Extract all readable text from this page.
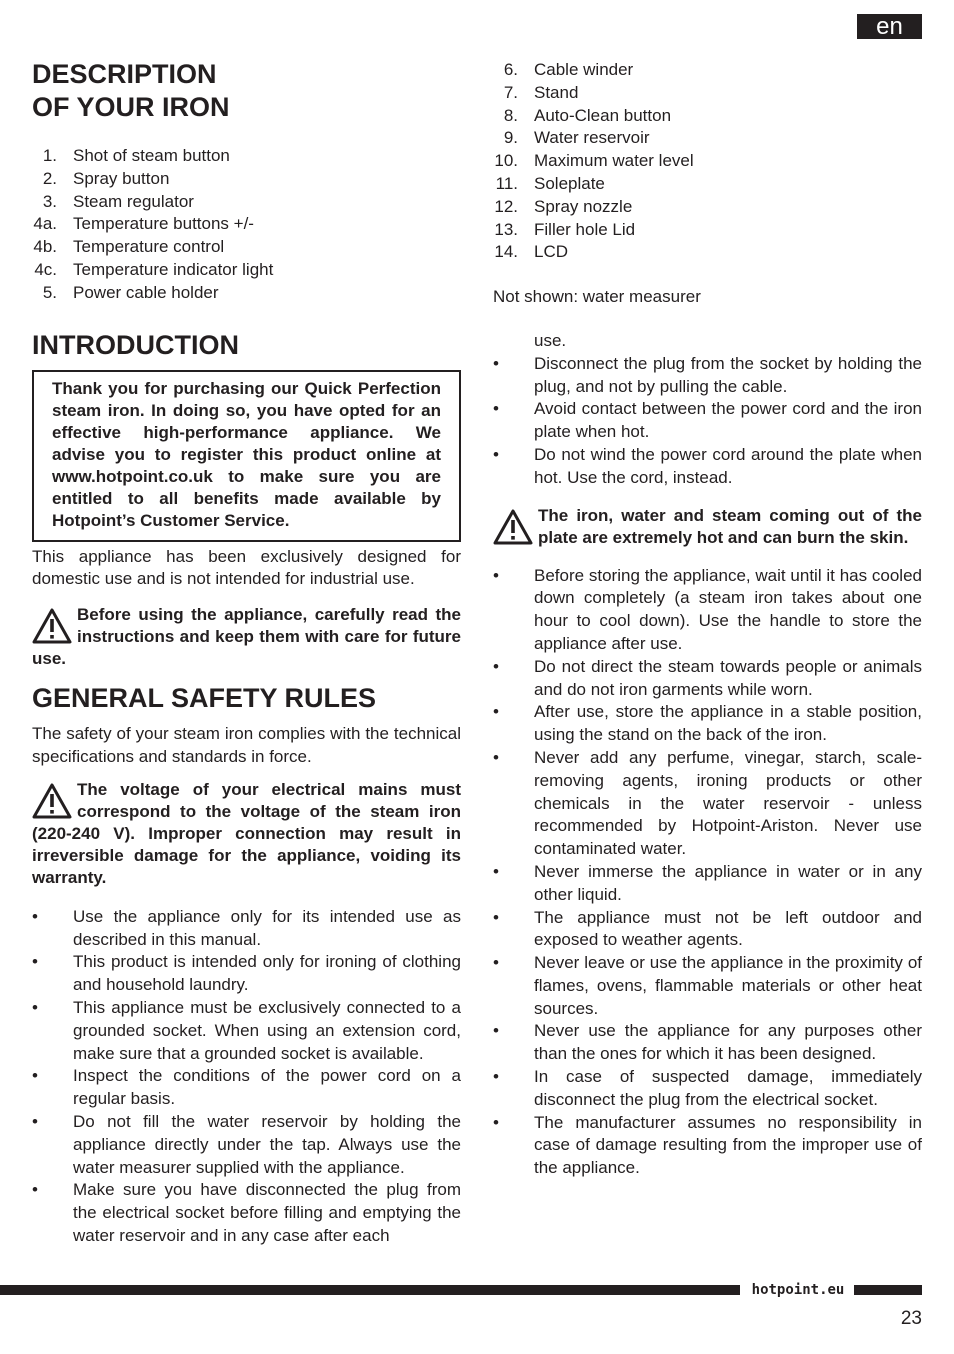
en
DESCRIPTION
OF YOUR IRON
1. Shot of steam button
2. Spray button
3. Steam regulator
4a. Temperature buttons +/-
4b. Temperature control
4c. Temperature indicator light
5. Power cable holder
INTRODUCTION
Thank you for purchasing our Quick Perfection steam iron. In doing so, you have opted for an effective high-performance appliance. We advise you to register this product online at www.hotpoint.co.uk to make sure you are entitled to all benefits made available by Hotpoint’s Customer Service.

This appliance has been exclusively designed for domestic use and is not intended for industrial use.

Before using the appliance, carefully read the instructions and keep them with care for future use.
GENERAL SAFETY RULES

The safety of your steam iron complies with the technical specifications and standards in force.

The voltage of your electrical mains must correspond to the voltage of the steam iron (220-240 V). Improper connection may result in irreversible damage for the appliance, voiding its warranty.
•	Use the appliance only for its intended use as described in this manual.
•	This product is intended only for ironing of clothing and household laundry.
•	This appliance must be exclusively connected to a grounded socket. When using an extension cord, make sure that a grounded socket is available.
•	Inspect the conditions of the power cord on a regular basis.
•	Do not fill the water reservoir by holding the appliance directly under the tap. Always use the water measurer supplied with the appliance.
•	Make sure you have disconnected the plug from the electrical socket before filling and emptying the water reservoir and in any case after each
6. Cable winder
7. Stand
8. Auto-Clean button
9. Water reservoir
10. Maximum water level
11. Soleplate
12. Spray nozzle
13. Filler hole Lid
14. LCD

Not shown: water measurer

use.

•	Disconnect the plug from the socket by holding the plug, and not by pulling the cable.
•	Avoid contact between the power cord and the iron plate when hot.
•	Do not wind the power cord around the plate when hot. Use the cord, instead.
The iron, water and steam coming out of the plate are extremely hot and can burn the skin.
•	Before storing the appliance, wait until it has cooled down completely (a steam iron takes about one hour to cool down). Use the handle to store the appliance after use.
•	Do not direct the steam towards people or animals and do not iron garments while worn.
•	After use, store the appliance in a stable position, using the stand on the back of the iron.
•	Never add any perfume, vinegar, starch, scale-removing agents, ironing products or other chemicals in the water reservoir - unless recommended by Hotpoint-Ariston. Never use contaminated water.
•	Never immerse the appliance in water or in any other liquid.
•	The appliance must not be left outdoor and exposed to weather agents.
•	Never leave or use the appliance in the proximity of flames, ovens, flammable materials or other heat sources.
•	Never use the appliance for any purposes other than the ones for which it has been designed.
•	In case of suspected damage, immediately disconnect the plug from the electrical socket.
•	The manufacturer assumes no responsibility in case of damage resulting from the improper use of the appliance.
hotpoint.eu
23
